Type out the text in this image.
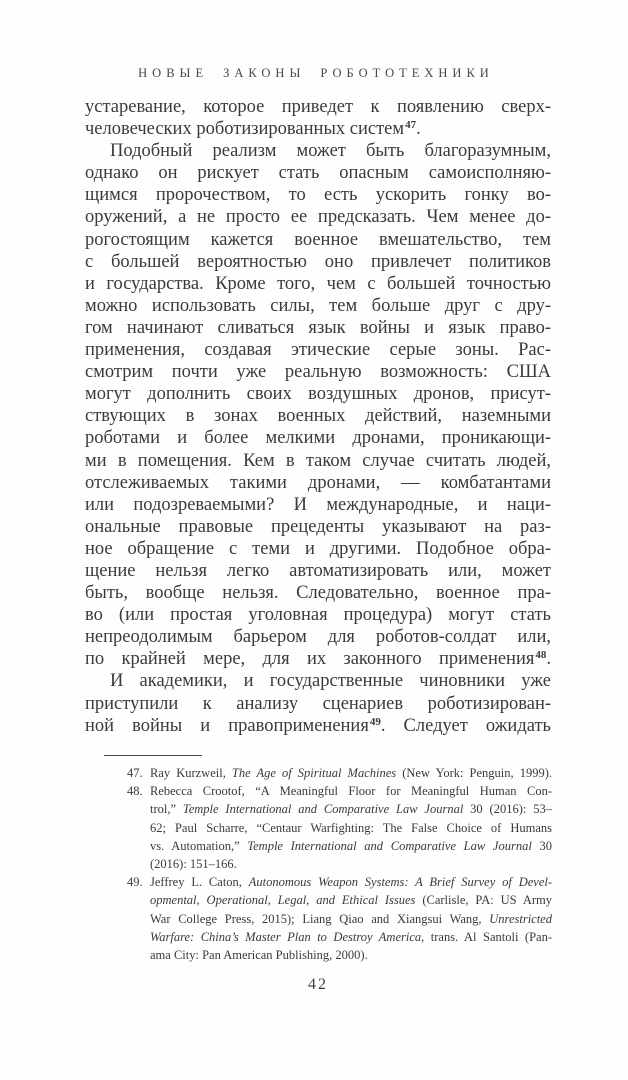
НОВЫЕ ЗАКОНЫ РОБОТОТЕХНИКИ
устаревание, которое приведет к появлению сверх-
человеческих роботизированных систем$^{47}$.
Подобный реализм может быть благоразумным,
однако он рискует стать опасным самоисполняю-
щимся пророчеством, то есть ускорить гонку во-
оружений, а не просто ее предсказать. Чем менее до-
рогостоящим кажется военное вмешательство, тем
с большей вероятностью оно привлечет политиков
и государства. Кроме того, чем с большей точностью
можно использовать силы, тем больше друг с дру-
гом начинают сливаться язык войны и язык право-
применения, создавая этические серые зоны. Рас-
смотрим почти уже реальную возможность: США
могут дополнить своих воздушных дронов, присут-
ствующих в зонах военных действий, наземными
роботами и более мелкими дронами, проникающи-
ми в помещения. Кем в таком случае считать людей,
отслеживаемых такими дронами, — комбатантами
или подозреваемыми? И международные, и наци-
ональные правовые прецеденты указывают на раз-
ное обращение с теми и другими. Подобное обра-
щение нельзя легко автоматизировать или, может
быть, вообще нельзя. Следовательно, военное пра-
во (или простая уголовная процедура) могут стать
непреодолимым барьером для роботов-солдат или,
по крайней мере, для их законного применения$^{48}$.
И академики, и государственные чиновники уже
приступили к анализу сценариев роботизирован-
ной войны и правоприменения$^{49}$. Следует ожидать
47. Ray Kurzweil, The Age of Spiritual Machines (New York: Penguin, 1999).
48. Rebecca Crootof, “A Meaningful Floor for Meaningful Human Con-
trol,” Temple International and Comparative Law Journal 30 (2016): 53–
62; Paul Scharre, “Centaur Warfighting: The False Choice of Humans
vs. Automation,” Temple International and Comparative Law Journal 30
(2016): 151–166.
49. Jeffrey L. Caton, Autonomous Weapon Systems: A Brief Survey of Devel-
opmental, Operational, Legal, and Ethical Issues (Carlisle, PA: US Army
War College Press, 2015); Liang Qiao and Xiangsui Wang, Unrestricted
Warfare: China’s Master Plan to Destroy America, trans. Al Santoli (Pan-
ama City: Pan American Publishing, 2000).
42
